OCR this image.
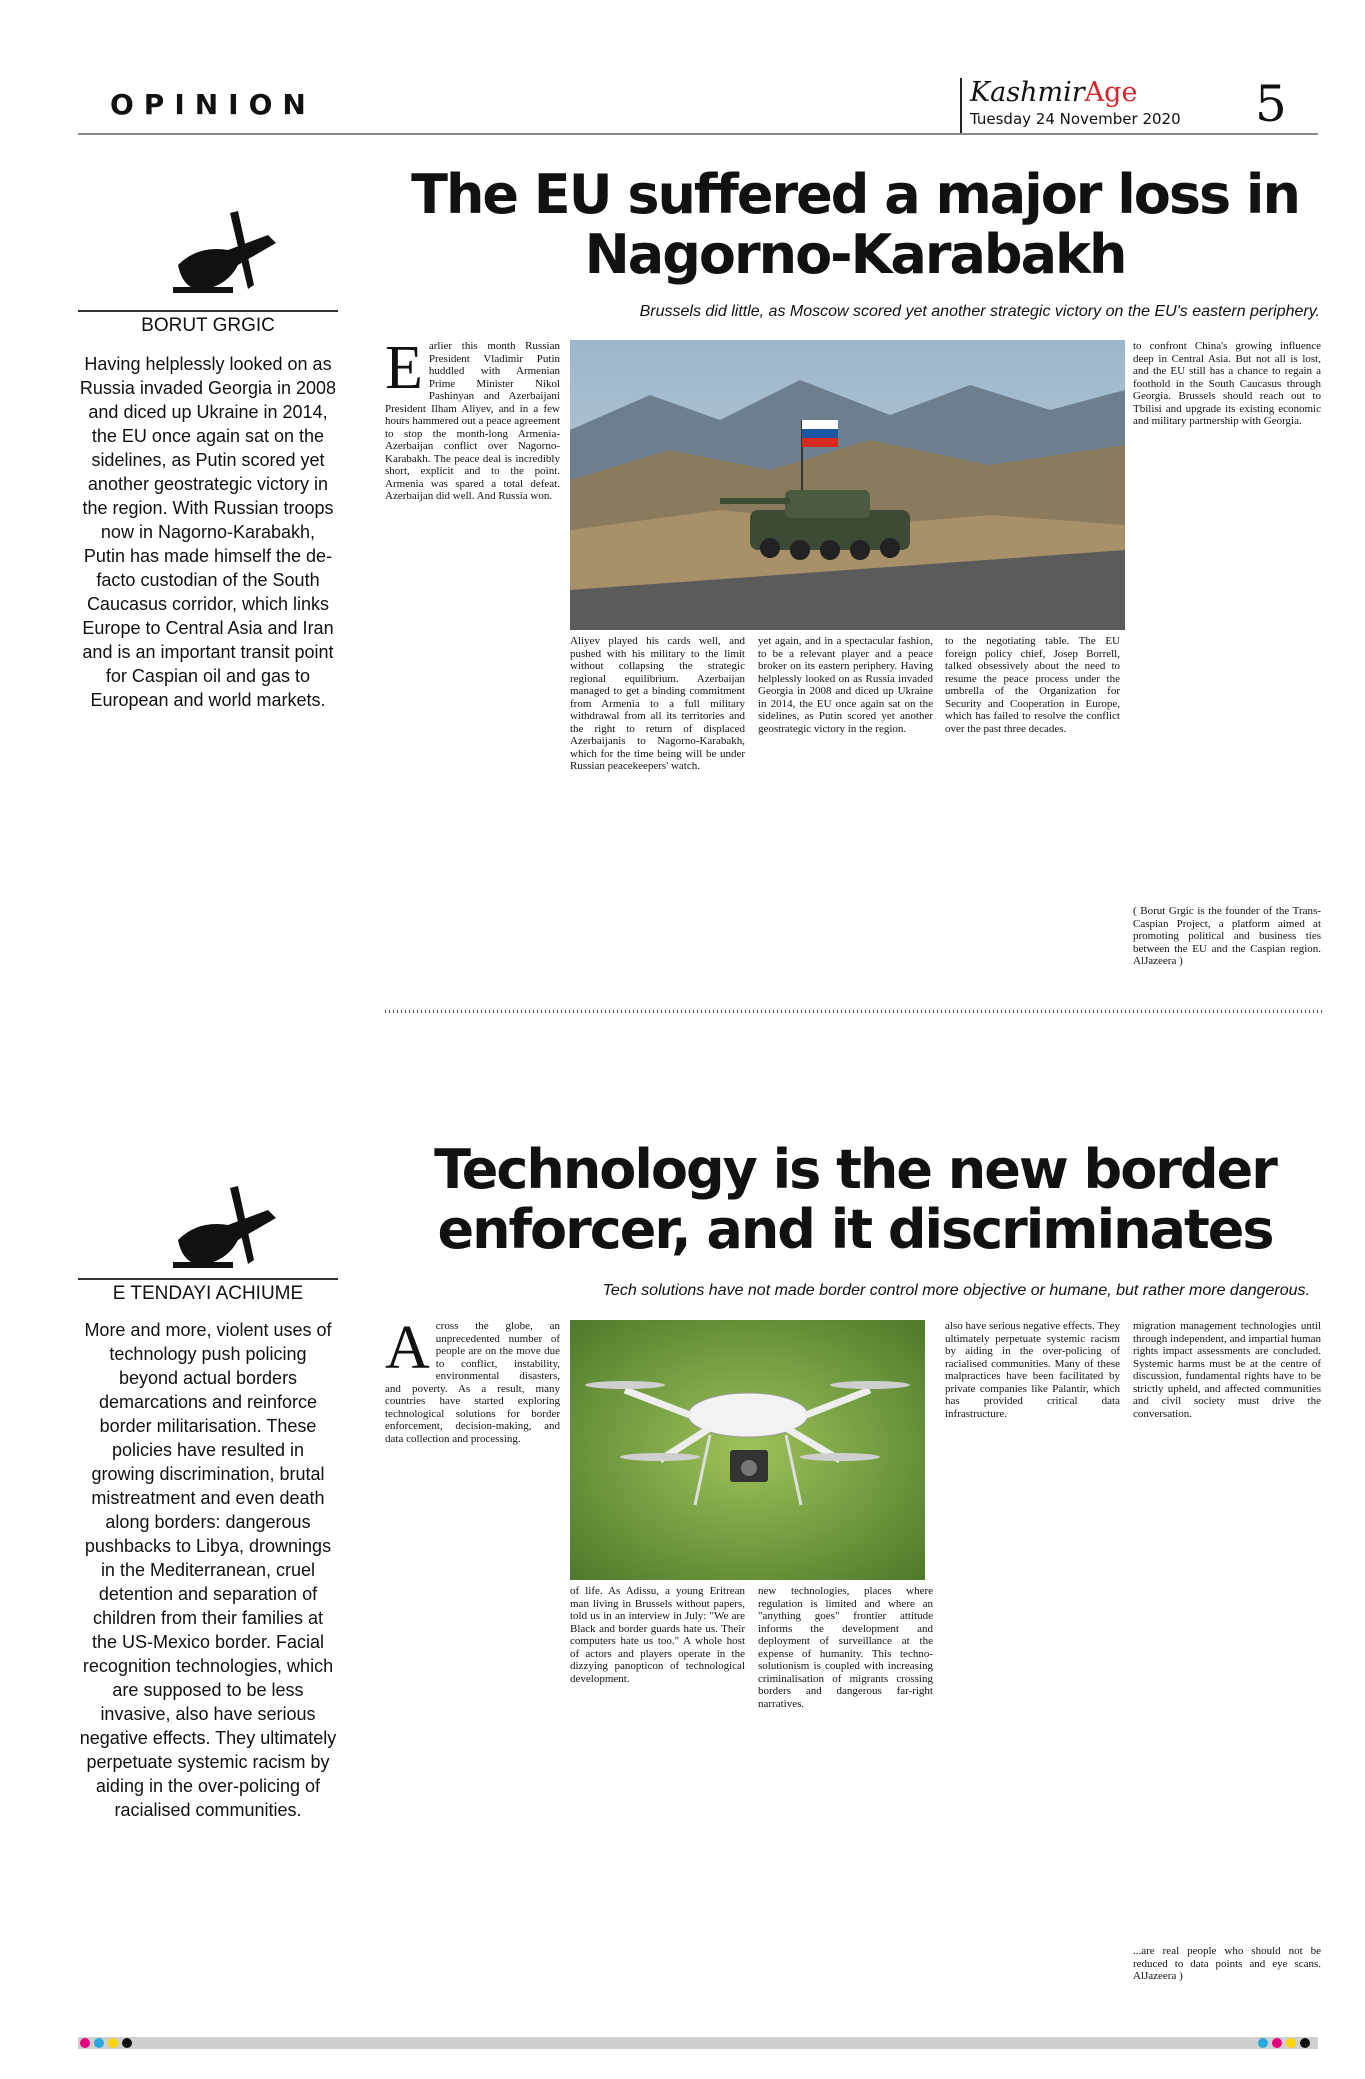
OPINION	KashmirAge
Tuesday 24 November 2020	5
BORUT GRGIC
Having helplessly looked on as Russia invaded Georgia in 2008 and diced up Ukraine in 2014, the EU once again sat on the sidelines, as Putin scored yet another geostrategic victory in the region. With Russian troops now in Nagorno-Karabakh, Putin has made himself the de-facto custodian of the South Caucasus corridor, which links Europe to Central Asia and Iran and is an important transit point for Caspian oil and gas to European and world markets.
The EU suffered a major loss in
Nagorno-Karabakh
Brussels did little, as Moscow scored yet another strategic victory on the EU's eastern periphery.
E arlier this month Russian President Vladimir Putin huddled with Armenian Prime Minister Nikol Pashinyan and Azerbaijani President Ilham Aliyev, and in a few hours hammered out a peace agreement to stop the month-long Armenia-Azerbaijan conflict over Nagorno-Karabakh. The peace deal is incredibly short, explicit and to the point. Armenia was spared a total defeat. Azerbaijan did well. And Russia won.
Aliyev played his cards well, and pushed with his military to the limit without collapsing the strategic regional equilibrium. Azerbaijan managed to get a binding commitment from Armenia to a full military withdrawal from all its territories and the right to return of displaced Azerbaijanis to Nagorno-Karabakh, which for the time being will be under Russian peacekeepers' watch.
yet again, and in a spectacular fashion, to be a relevant player and a peace broker on its eastern periphery. Having helplessly looked on as Russia invaded Georgia in 2008 and diced up Ukraine in 2014, the EU once again sat on the sidelines, as Putin scored yet another geostrategic victory in the region.
to the negotiating table. The EU foreign policy chief, Josep Borrell, talked obsessively about the need to resume the peace process under the umbrella of the Organization for Security and Cooperation in Europe, which has failed to resolve the conflict over the past three decades.
to confront China's growing influence deep in Central Asia. But not all is lost, and the EU still has a chance to regain a foothold in the South Caucasus through Georgia. Brussels should reach out to Tbilisi and upgrade its existing economic and military partnership with Georgia.
( Borut Grgic is the founder of the Trans-Caspian Project, a platform aimed at promoting political and business ties between the EU and the Caspian region. AlJazeera )
E TENDAYI ACHIUME
More and more, violent uses of technology push policing beyond actual borders demarcations and reinforce border militarisation. These policies have resulted in growing discrimination, brutal mistreatment and even death along borders: dangerous pushbacks to Libya, drownings in the Mediterranean, cruel detention and separation of children from their families at the US-Mexico border. Facial recognition technologies, which are supposed to be less invasive, also have serious negative effects. They ultimately perpetuate systemic racism by aiding in the over-policing of racialised communities.
Technology is the new border
enforcer, and it discriminates
Tech solutions have not made border control more objective or humane, but rather more dangerous.
A cross the globe, an unprecedented number of people are on the move due to conflict, instability, environmental disasters, and poverty. As a result, many countries have started exploring technological solutions for border enforcement, decision-making, and data collection and processing.
of life. As Adissu, a young Eritrean man living in Brussels without papers, told us in an interview in July: "We are Black and border guards hate us. Their computers hate us too." A whole host of actors and players operate in the dizzying panopticon of technological development.
new technologies, places where regulation is limited and where an "anything goes" frontier attitude informs the development and deployment of surveillance at the expense of humanity. This techno-solutionism is coupled with increasing criminalisation of migrants crossing borders and dangerous far-right narratives.
also have serious negative effects. They ultimately perpetuate systemic racism by aiding in the over-policing of racialised communities. Many of these malpractices have been facilitated by private companies like Palantir, which has provided critical data infrastructure.
migration management technologies until through independent, and impartial human rights impact assessments are concluded. Systemic harms must be at the centre of discussion, fundamental rights have to be strictly upheld, and affected communities and civil society must drive the conversation.
...are real people who should not be reduced to data points and eye scans. AlJazeera )
